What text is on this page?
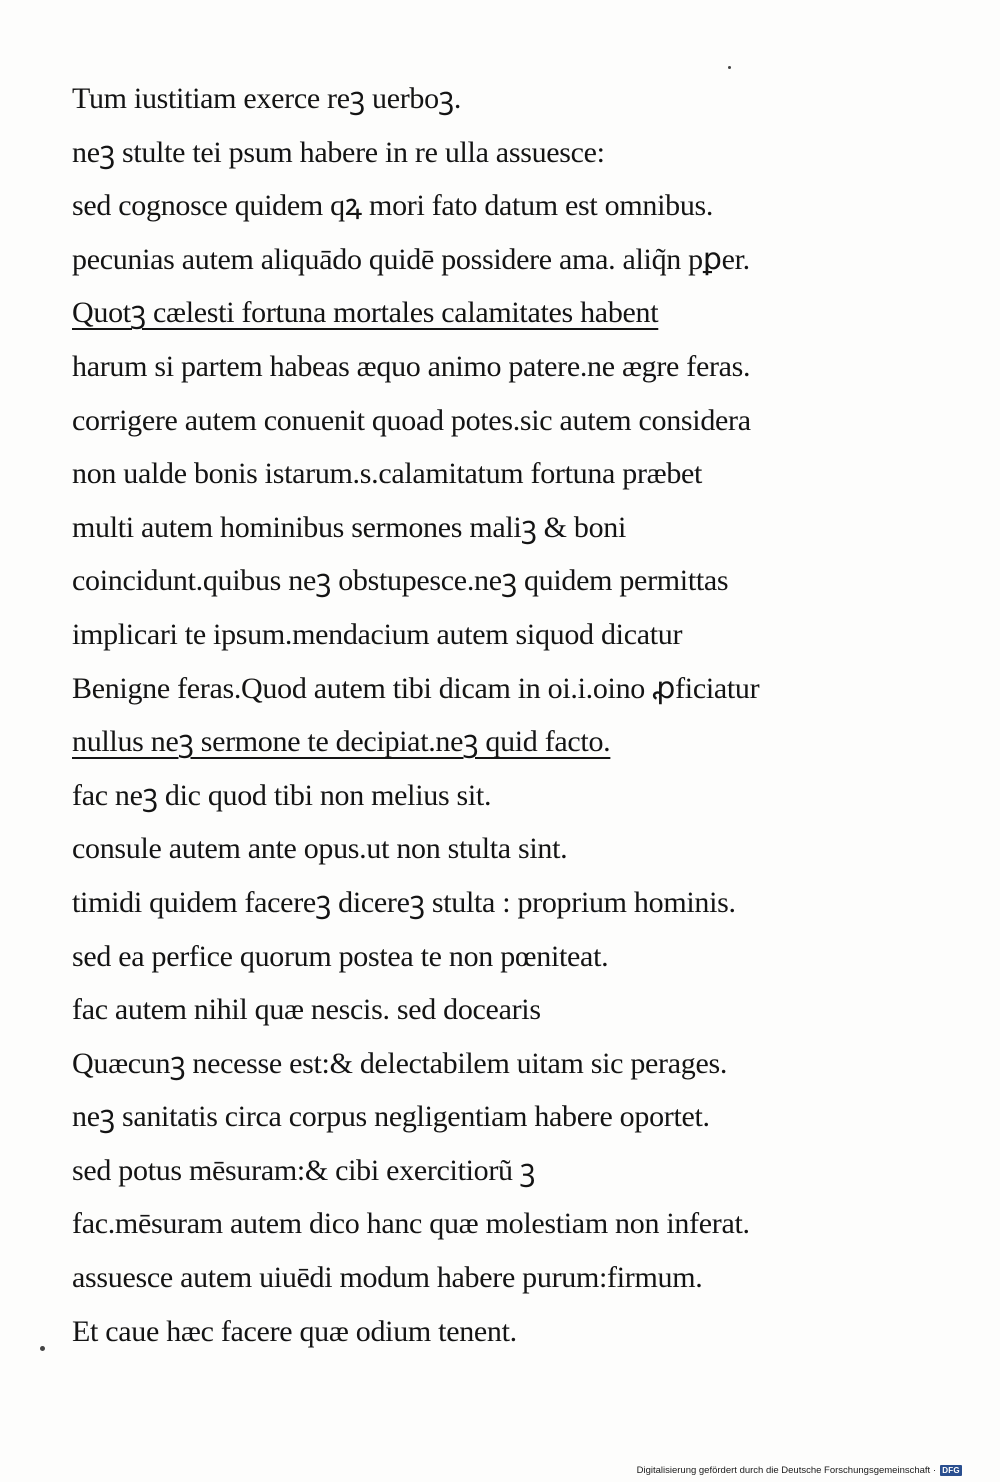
Tum iustitiam exerce reꝫ uerboꝫ.
neꝫ stulte tei psum habere in re ulla assuesce:
sed cognosce quidem qꝝ mori fato datum est omnibus.
pecunias autem aliquādo quidē possidere ama. aliq̃n pꝑer.
Quotꝫ cælesti fortuna mortales calamitates habent
harum si partem habeas æquo animo patere.ne ægre feras.
corrigere autem conuenit quoad potes.sic autem considera
non ualde bonis istarum.s.calamitatum fortuna præbet
multi autem hominibus sermones maliꝫ & boni
coincidunt.quibus neꝫ obstupesce.neꝫ quidem permittas
implicari te ipsum.mendacium autem siquod dicatur
Benigne feras.Quod autem tibi dicam in oi.i.oino ꝓficiatur
nullus neꝫ sermone te decipiat.neꝫ quid facto.
fac neꝫ dic quod tibi non melius sit.
consule autem ante opus.ut non stulta sint.
timidi quidem facereꝫ dicereꝫ stulta : proprium hominis.
sed ea perfice quorum postea te non pœniteat.
fac autem nihil quæ nescis. sed docearis
Quæcunꝫ necesse est:& delectabilem uitam sic perages.
neꝫ sanitatis circa corpus negligentiam habere oportet.
sed potus mēsuram:& cibi exercitiorũ ꝫ
fac.mēsuram autem dico hanc quæ molestiam non inferat.
assuesce autem uiuēdi modum habere purum:firmum.
Et caue hæc facere quæ odium tenent.
Digitalisierung gefördert durch die Deutsche Forschungsgemeinschaft · DFG
